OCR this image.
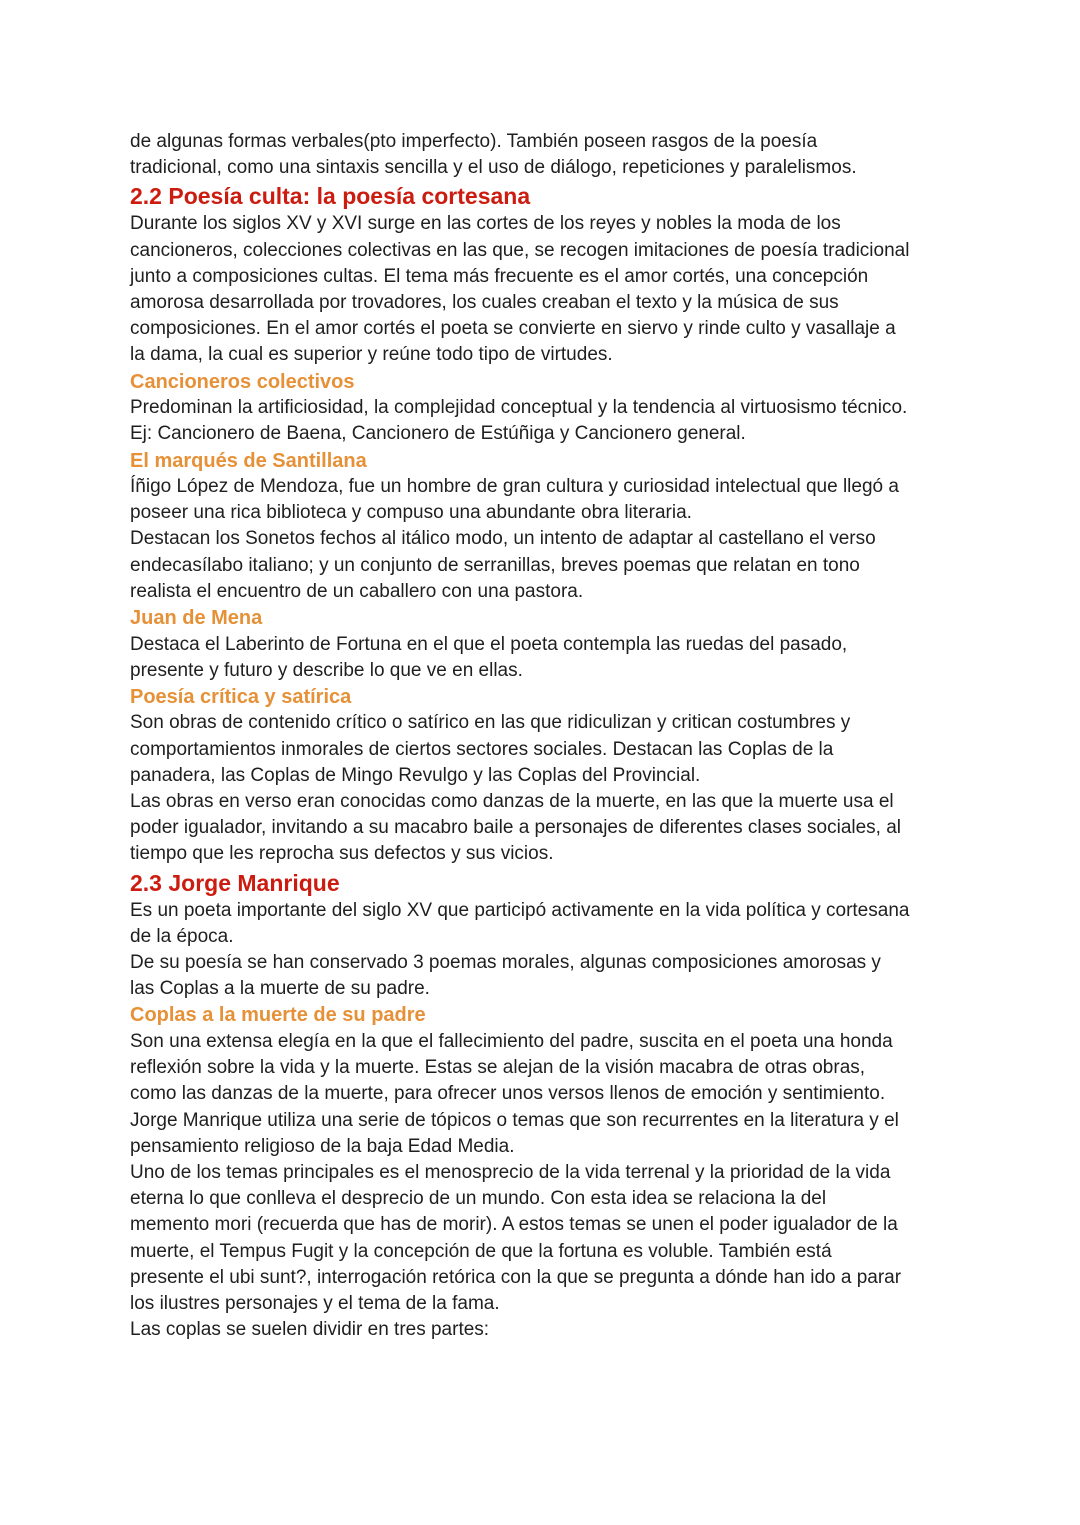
de algunas formas verbales(pto imperfecto). También poseen rasgos de la poesía

tradicional, como una sintaxis sencilla y el uso de diálogo, repeticiones y paralelismos.

2.2 Poesía culta: la poesía cortesana

Durante los siglos XV y XVI surge en las cortes de los reyes y nobles la moda de los

cancioneros, colecciones colectivas en las que, se recogen imitaciones de poesía tradicional

junto a composiciones cultas. El tema más frecuente es el amor cortés, una concepción

amorosa desarrollada por trovadores, los cuales creaban el texto y la música de sus

composiciones. En el amor cortés el poeta se convierte en siervo y rinde culto y vasallaje a

la dama, la cual es superior y reúne todo tipo de virtudes.

Cancioneros colectivos

Predominan la artificiosidad, la complejidad conceptual y la tendencia al virtuosismo técnico.

Ej: Cancionero de Baena, Cancionero de Estúñiga y Cancionero general.

El marqués de Santillana

Íñigo López de Mendoza, fue un hombre de gran cultura y curiosidad intelectual que llegó a

poseer una rica biblioteca y compuso una abundante obra literaria.

Destacan los Sonetos fechos al itálico modo, un intento de adaptar al castellano el verso

endecasílabo italiano; y un conjunto de serranillas, breves poemas que relatan en tono

realista el encuentro de un caballero con una pastora.

Juan de Mena

Destaca el Laberinto de Fortuna en el que el poeta contempla las ruedas del pasado,

presente y futuro y describe lo que ve en ellas.

Poesía crítica y satírica

Son obras de contenido crítico o satírico en las que ridiculizan y critican costumbres y

comportamientos inmorales de ciertos sectores sociales. Destacan las Coplas de la

panadera, las Coplas de Mingo Revulgo y las Coplas del Provincial.

Las obras en verso eran conocidas como danzas de la muerte, en las que la muerte usa el

poder igualador, invitando a su macabro baile a personajes de diferentes clases sociales, al

tiempo que les reprocha sus defectos y sus vicios.

2.3 Jorge Manrique

Es un poeta importante del siglo XV que participó activamente en la vida política y cortesana

de la época.

De su poesía se han conservado 3 poemas morales, algunas composiciones amorosas y

las Coplas a la muerte de su padre.

Coplas a la muerte de su padre

Son una extensa elegía en la que el fallecimiento del padre, suscita en el poeta una honda

reflexión sobre la vida y la muerte. Estas se alejan de la visión macabra de otras obras,

como las danzas de la muerte, para ofrecer unos versos llenos de emoción y sentimiento.

Jorge Manrique utiliza una serie de tópicos o temas que son recurrentes en la literatura y el

pensamiento religioso de la baja Edad Media.

Uno de los temas principales es el menosprecio de la vida terrenal y la prioridad de la vida

eterna lo que conlleva el desprecio de un mundo. Con esta idea se relaciona la del

memento mori (recuerda que has de morir). A estos temas se unen el poder igualador de la

muerte, el Tempus Fugit y la concepción de que la fortuna es voluble. También está

presente el ubi sunt?, interrogación retórica con la que se pregunta a dónde han ido a parar

los ilustres personajes y el tema de la fama.

Las coplas se suelen dividir en tres partes:
